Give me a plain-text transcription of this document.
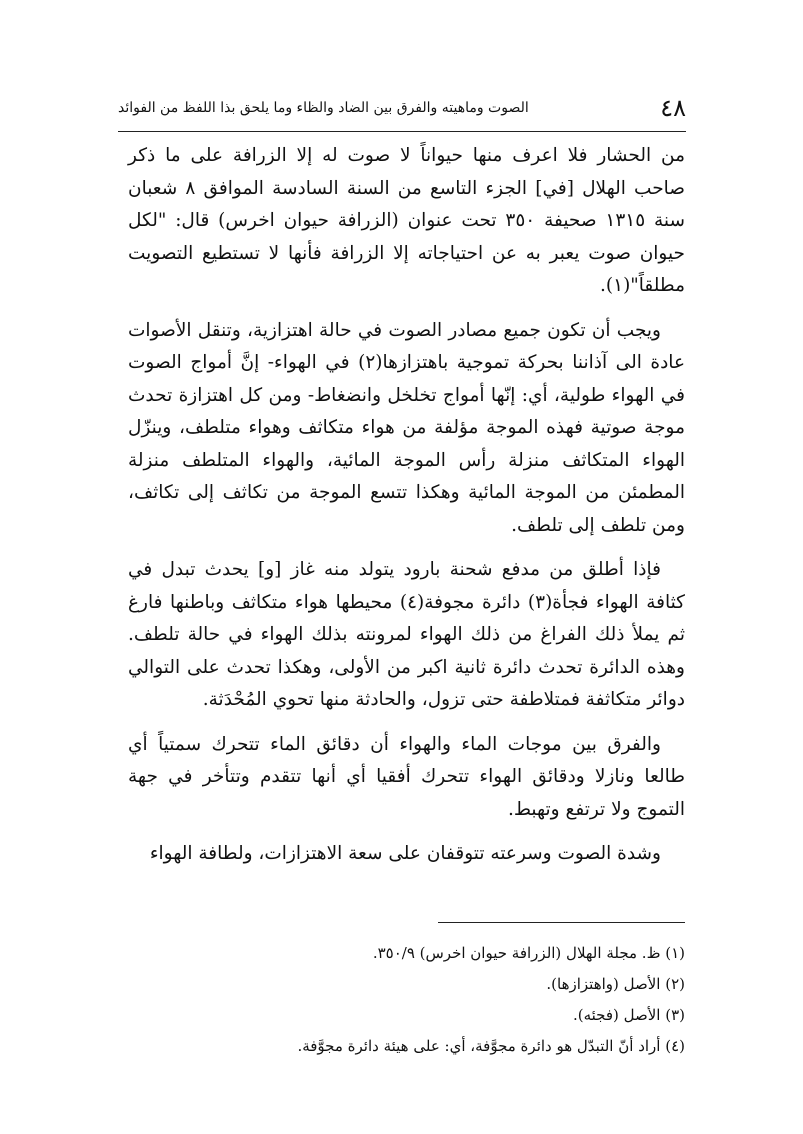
٤٨
الصوت وماهيته والفرق بين الضاد والظاء وما يلحق بذا اللفظ من الفوائد

من الحشار فلا اعرف منها حيواناً لا صوت له إلا الزرافة على ما ذكر صاحب الهلال [في] الجزء التاسع من السنة السادسة الموافق ٨ شعبان سنة ١٣١٥ صحيفة ٣٥٠ تحت عنوان (الزرافة حيوان اخرس) قال: "لكل حيوان صوت يعبر به عن احتياجاته إلا الزرافة فأنها لا تستطيع التصويت مطلقاً"(١).

ويجب أن تكون جميع مصادر الصوت في حالة اهتزازية، وتنقل الأصوات عادة الى آذاننا بحركة تموجية باهتزازها(٢) في الهواء- إنَّ أمواج الصوت في الهواء طولية، أي: إنّها أمواج تخلخل وانضغاط- ومن كل اهتزازة تحدث موجة صوتية فهذه الموجة مؤلفة من هواء متكاثف وهواء متلطف، وينزّل الهواء المتكاثف منزلة رأس الموجة المائية، والهواء المتلطف منزلة المطمئن من الموجة المائية وهكذا تتسع الموجة من تكاثف إلى تكاثف، ومن تلطف إلى تلطف.

فإذا أطلق من مدفع شحنة بارود يتولد منه غاز [و] يحدث تبدل في كثافة الهواء فجأة(٣) دائرة مجوفة(٤) محيطها هواء متكاثف وباطنها فارغ ثم يملأ ذلك الفراغ من ذلك الهواء لمرونته بذلك الهواء في حالة تلطف. وهذه الدائرة تحدث دائرة ثانية اكبر من الأولى، وهكذا تحدث على التوالي دوائر متكاثفة فمتلاطفة حتى تزول، والحادثة منها تحوي المُحْدَثة.

والفرق بين موجات الماء والهواء أن دقائق الماء تتحرك سمتياً أي طالعا ونازلا ودقائق الهواء تتحرك أفقيا أي أنها تتقدم وتتأخر في جهة التموج ولا ترتفع وتهبط.

وشدة الصوت وسرعته تتوقفان على سعة الاهتزازات، ولطافة الهواء

(١) ظ. مجلة الهلال (الزرافة حيوان اخرس) ٣٥٠/٩.

(٢) الأصل (واهتزازها).

(٣) الأصل (فجئه).

(٤) أراد أنّ التبدّل هو دائرة مجوَّفة، أي: على هيئة دائرة مجوَّفة.
